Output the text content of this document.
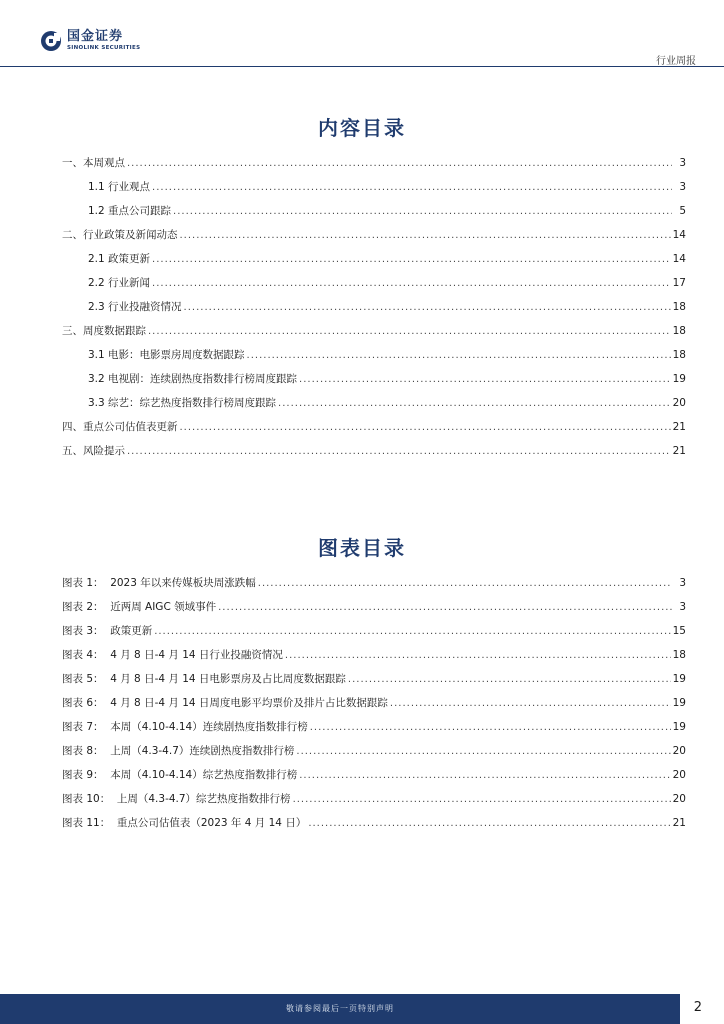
国金证券
SINOLINK SECURITIES
行业周报
内容目录
一、本周观点 .....	3
1.1 行业观点 .....	3
1.2 重点公司跟踪 .....	5
二、行业政策及新闻动态 .....	14
2.1 政策更新 .....	14
2.2 行业新闻 .....	17
2.3 行业投融资情况 .....	18
三、周度数据跟踪 .....	18
3.1 电影：电影票房周度数据跟踪 .....	18
3.2 电视剧：连续剧热度指数排行榜周度跟踪 .....	19
3.3 综艺：综艺热度指数排行榜周度跟踪 .....	20
四、重点公司估值表更新 .....	21
五、风险提示 .....	21
图表目录
图表 1：  2023 年以来传媒板块周涨跌幅 .....	3
图表 2：  近两周 AIGC 领域事件 .....	3
图表 3：  政策更新 .....	15
图表 4：  4 月 8 日-4 月 14 日行业投融资情况 .....	18
图表 5：  4 月 8 日-4 月 14 日电影票房及占比周度数据跟踪 .....	19
图表 6：  4 月 8 日-4 月 14 日周度电影平均票价及排片占比数据跟踪 .....	19
图表 7：  本周（4.10-4.14）连续剧热度指数排行榜 .....	19
图表 8：  上周（4.3-4.7）连续剧热度指数排行榜 .....	20
图表 9：  本周（4.10-4.14）综艺热度指数排行榜 .....	20
图表 10：  上周（4.3-4.7）综艺热度指数排行榜 .....	20
图表 11：  重点公司估值表（2023 年 4 月 14 日） .....	21
敬请参阅最后一页特别声明	2
